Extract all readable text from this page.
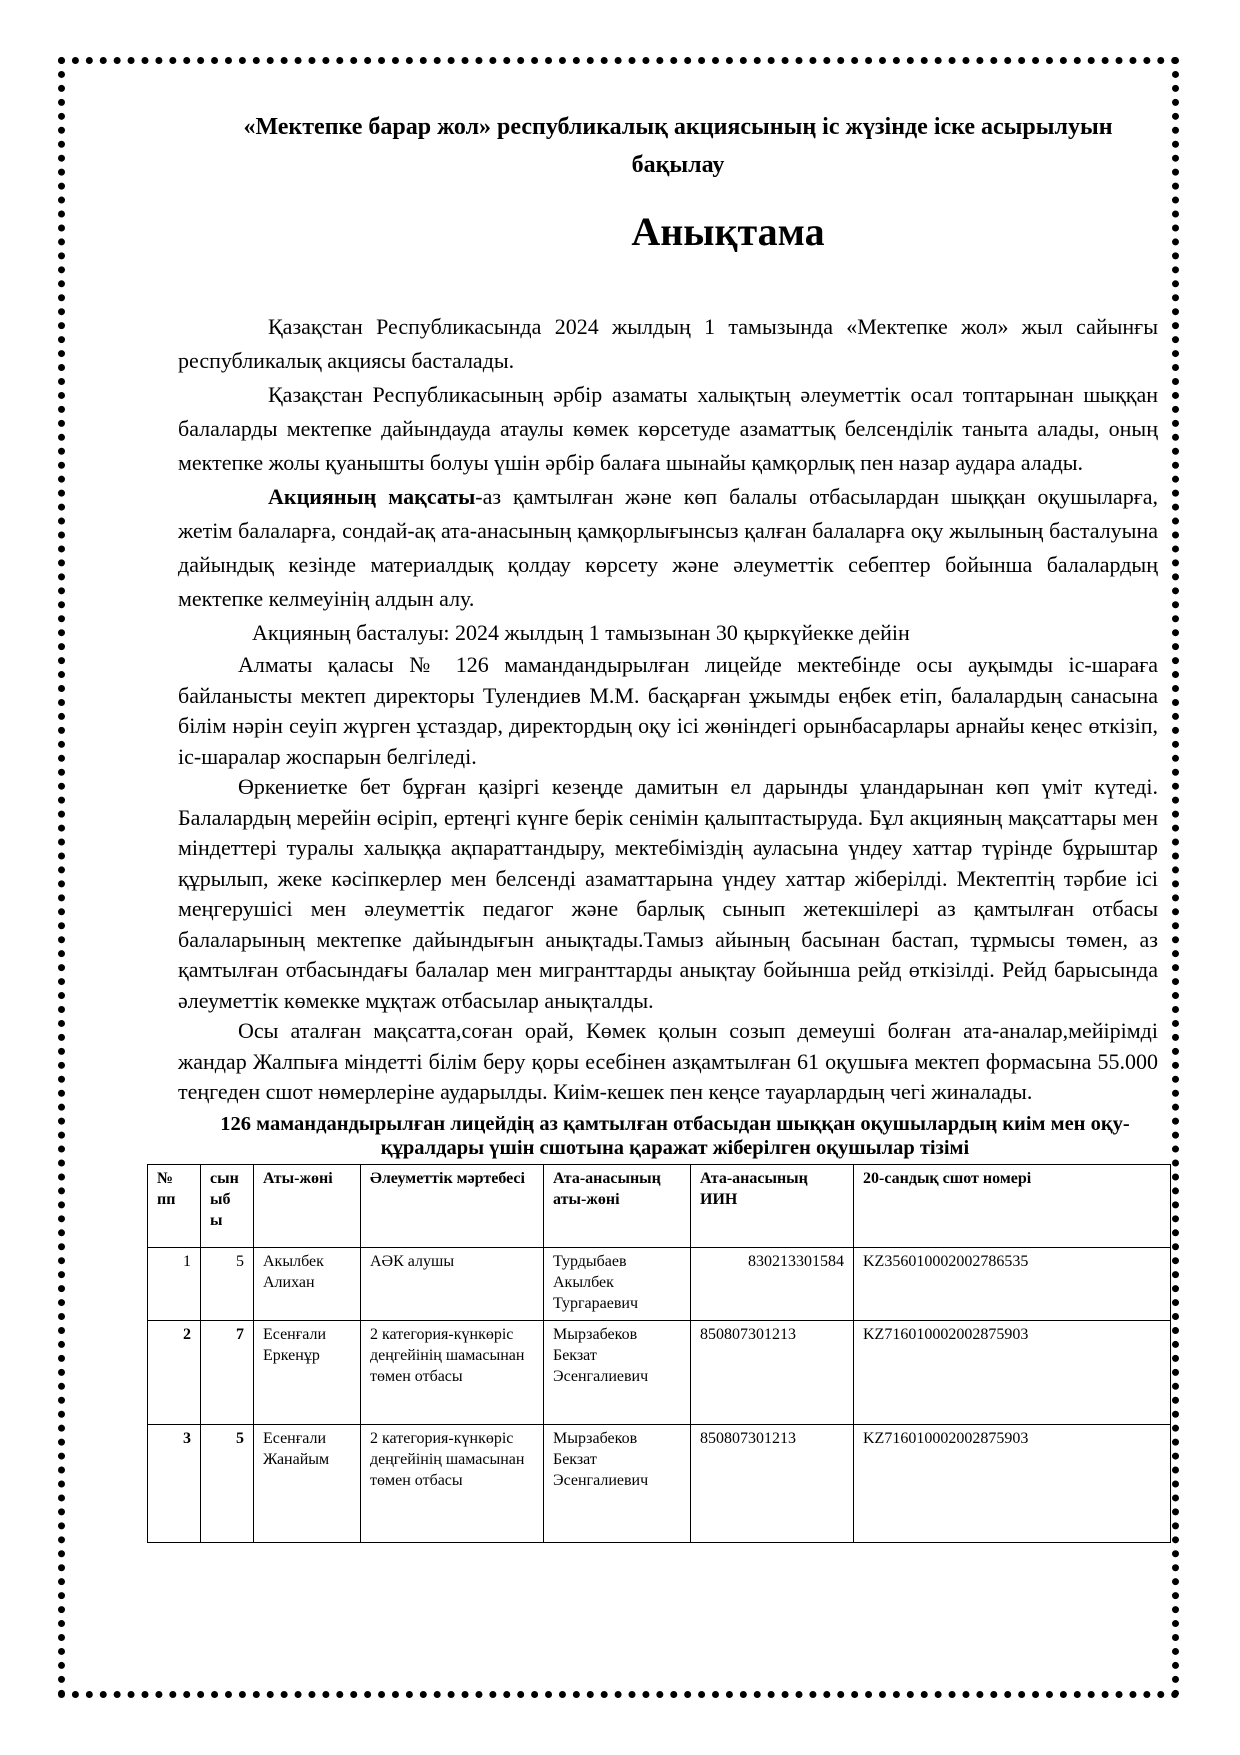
«Мектепке барар жол» республикалық акциясының іс жүзінде іске асырылуын бақылау
Анықтама

Қазақстан Республикасында 2024 жылдың 1 тамызында «Мектепке жол» жыл сайынғы республикалық акциясы басталады.

Қазақстан Республикасының әрбір азаматы халықтың әлеуметтік осал топтарынан шыққан балаларды мектепке дайындауда атаулы көмек көрсетуде азаматтық белсенділік таныта алады, оның мектепке жолы қуанышты болуы үшін әрбір балаға шынайы қамқорлық пен назар аудара алады.

Акцияның мақсаты-аз қамтылған және көп балалы отбасылардан шыққан оқушыларға, жетім балаларға, сондай-ақ ата-анасының қамқорлығынсыз қалған балаларға оқу жылының басталуына дайындық кезінде материалдық қолдау көрсету және әлеуметтік себептер бойынша балалардың мектепке келмеуінің алдын алу.

Акцияның басталуы: 2024 жылдың 1 тамызынан 30 қыркүйекке дейін

Алматы қаласы № 126 мамандандырылған лицейде мектебінде осы ауқымды іс-шараға байланысты мектеп директоры Тулендиев М.М. басқарған ұжымды еңбек етіп, балалардың санасына білім нәрін сеуіп жүрген ұстаздар, директордың оқу ісі жөніндегі орынбасарлары арнайы кеңес өткізіп, іс-шаралар жоспарын белгіледі.

Өркениетке бет бұрған қазіргі кезеңде дамитын ел дарынды ұландарынан көп үміт күтеді. Балалардың мерейін өсіріп, ертеңгі күнге берік сенімін қалыптастыруда. Бұл акцияның мақсаттары мен міндеттері туралы халыққа ақпараттандыру, мектебіміздің ауласына үндеу хаттар түрінде бұрыштар құрылып, жеке кәсіпкерлер мен белсенді азаматтарына үндеу хаттар жіберілді. Мектептің тәрбие ісі меңгерушісі мен әлеуметтік педагог және барлық сынып жетекшілері аз қамтылған отбасы балаларының мектепке дайындығын анықтады.Тамыз айының басынан бастап, тұрмысы төмен, аз қамтылған отбасындағы балалар мен мигранттарды анықтау бойынша рейд өткізілді. Рейд барысында әлеуметтік көмекке мұқтаж отбасылар анықталды.

Осы аталған мақсатта,соған орай, Көмек қолын созып демеуші болған ата-аналар,мейірімді жандар Жалпыға міндетті білім беру қоры есебінен азқамтылған 61 оқушыға мектеп формасына 55.000 теңгеден сшот нөмерлеріне аударылды. Киім-кешек пен кеңсе тауарлардың чегі жиналады.

126 мамандандырылған лицейдің аз қамтылған отбасыдан шыққан оқушылардың киім мен оқу-құралдары үшін сшотына қаражат жіберілген оқушылар тізімі
№ пп	сын ыб ы	Аты-жөні	Әлеуметтік мәртебесі	Ата-анасының аты-жөні	Ата-анасының ИИН	20-сандық сшот номері
1	5	Акылбек Алихан	АӘК алушы	Турдыбаев Акылбек Тургараевич	830213301584	KZ356010002002786535
2	7	Есенғали Еркенұр	2 категория-күнкөріс деңгейінің шамасынан төмен отбасы	Мырзабеков Бекзат Эсенгалиевич	850807301213	KZ716010002002875903
3	5	Есенғали Жанайым	2 категория-күнкөріс деңгейінің шамасынан төмен отбасы	Мырзабеков Бекзат Эсенгалиевич	850807301213	KZ716010002002875903
